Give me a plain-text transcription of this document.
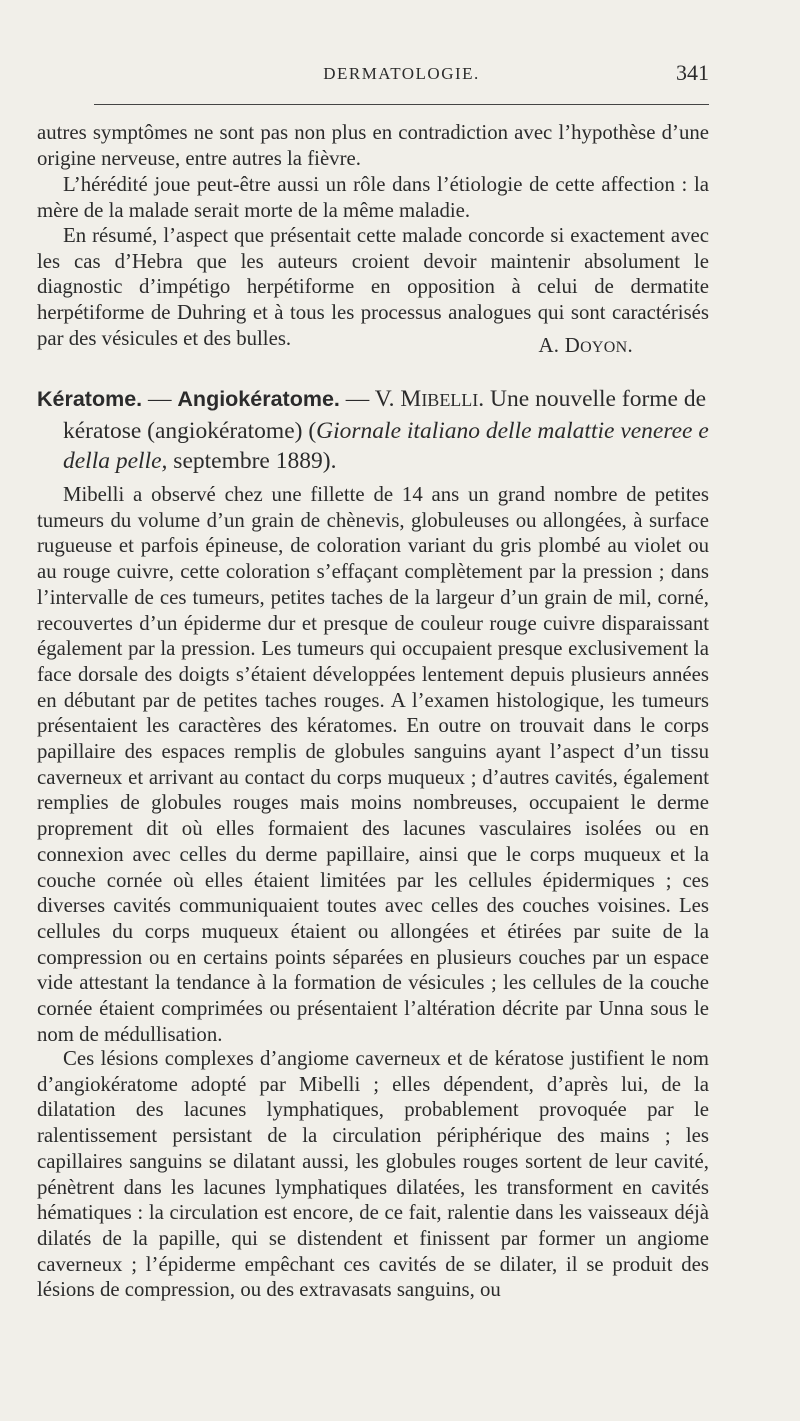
DERMATOLOGIE.	341

autres symptômes ne sont pas non plus en contradiction avec l’hypothèse d’une origine nerveuse, entre autres la fièvre.

L’hérédité joue peut-être aussi un rôle dans l’étiologie de cette affection : la mère de la malade serait morte de la même maladie.

En résumé, l’aspect que présentait cette malade concorde si exactement avec les cas d’Hebra que les auteurs croient devoir maintenir absolument le diagnostic d’impétigo herpétiforme en opposition à celui de dermatite herpétiforme de Duhring et à tous les processus analogues qui sont caractérisés par des vésicules et des bulles.	A. DOYON.
Kératome. — Angiokératome. — V. MIBELLI. Une nouvelle forme de
kératose (angiokératome) (Giornale italiano delle malattie veneree e della pelle, septembre 1889).

Mibelli a observé chez une fillette de 14 ans un grand nombre de petites tumeurs du volume d’un grain de chènevis, globuleuses ou allongées, à surface rugueuse et parfois épineuse, de coloration variant du gris plombé au violet ou au rouge cuivre, cette coloration s’effaçant complètement par la pression ; dans l’intervalle de ces tumeurs, petites taches de la largeur d’un grain de mil, corné, recouvertes d’un épiderme dur et presque de couleur rouge cuivre disparaissant également par la pression. Les tumeurs qui occupaient presque exclusivement la face dorsale des doigts s’étaient développées lentement depuis plusieurs années en débutant par de petites taches rouges. A l’examen histologique, les tumeurs présentaient les caractères des kératomes. En outre on trouvait dans le corps papillaire des espaces remplis de globules sanguins ayant l’aspect d’un tissu caverneux et arrivant au contact du corps muqueux ; d’autres cavités, également remplies de globules rouges mais moins nombreuses, occupaient le derme proprement dit où elles formaient des lacunes vasculaires isolées ou en connexion avec celles du derme papillaire, ainsi que le corps muqueux et la couche cornée où elles étaient limitées par les cellules épidermiques ; ces diverses cavités communiquaient toutes avec celles des couches voisines. Les cellules du corps muqueux étaient ou allongées et étirées par suite de la compression ou en certains points séparées en plusieurs couches par un espace vide attestant la tendance à la formation de vésicules ; les cellules de la couche cornée étaient comprimées ou présentaient l’altération décrite par Unna sous le nom de médullisation.

Ces lésions complexes d’angiome caverneux et de kératose justifient le nom d’angiokératome adopté par Mibelli ; elles dépendent, d’après lui, de la dilatation des lacunes lymphatiques, probablement provoquée par le ralentissement persistant de la circulation périphérique des mains ; les capillaires sanguins se dilatant aussi, les globules rouges sortent de leur cavité, pénètrent dans les lacunes lymphatiques dilatées, les transforment en cavités hématiques : la circulation est encore, de ce fait, ralentie dans les vaisseaux déjà dilatés de la papille, qui se distendent et finissent par former un angiome caverneux ; l’épiderme empêchant ces cavités de se dilater, il se produit des lésions de compression, ou des extravasats sanguins, ou
